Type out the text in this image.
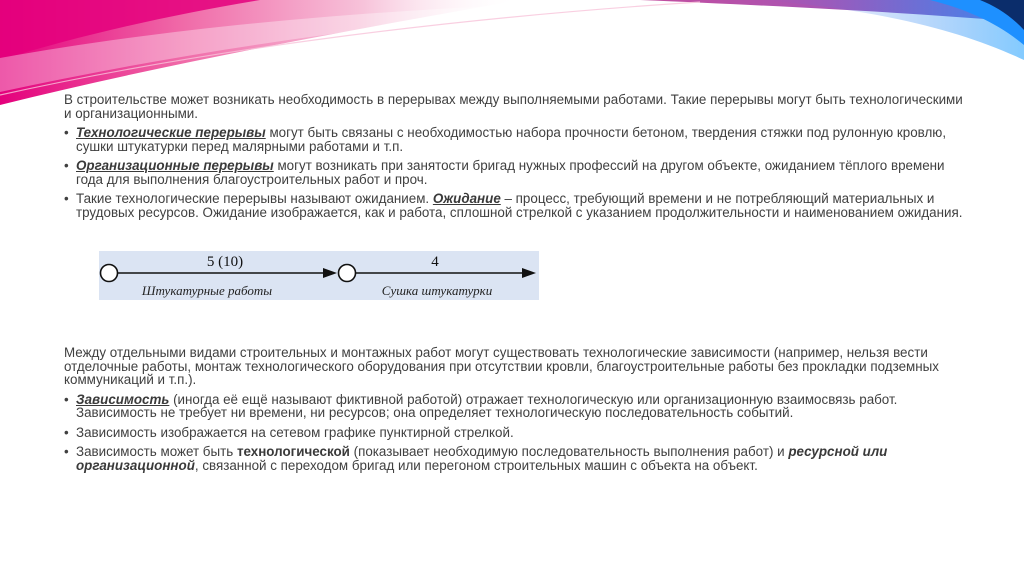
В строительстве может возникать необходимость в перерывах между выполняемыми работами. Такие перерывы могут быть технологическими и организационными.

• Технологические перерывы могут быть связаны с необходимостью набора прочности бетоном, твердения стяжки под рулонную кровлю, сушки штукатурки перед малярными работами и т.п.

• Организационные перерывы могут возникать при занятости бригад нужных профессий на другом объекте, ожиданием тёплого времени года для выполнения благоустроительных работ и проч.

• Такие технологические перерывы называют ожиданием. Ожидание – процесс, требующий времени и не потребляющий материальных и трудовых ресурсов. Ожидание изображается, как и работа, сплошной стрелкой с указанием продолжительности и наименованием ожидания.

5 (10)	4
Штукатурные работы	Сушка штукатурки

Между отдельными видами строительных и монтажных работ могут существовать технологические зависимости (например, нельзя вести отделочные работы, монтаж технологического оборудования при отсутствии кровли, благоустроительные работы без прокладки подземных коммуникаций и т.п.).

• Зависимость (иногда её ещё называют фиктивной работой) отражает технологическую или организационную взаимосвязь работ. Зависимость не требует ни времени, ни ресурсов; она определяет технологическую последовательность событий.

• Зависимость изображается на сетевом графике пунктирной стрелкой.

• Зависимость может быть технологической (показывает необходимую последовательность выполнения работ) и ресурсной или организационной, связанной с переходом бригад или перегоном строительных машин с объекта на объект.
